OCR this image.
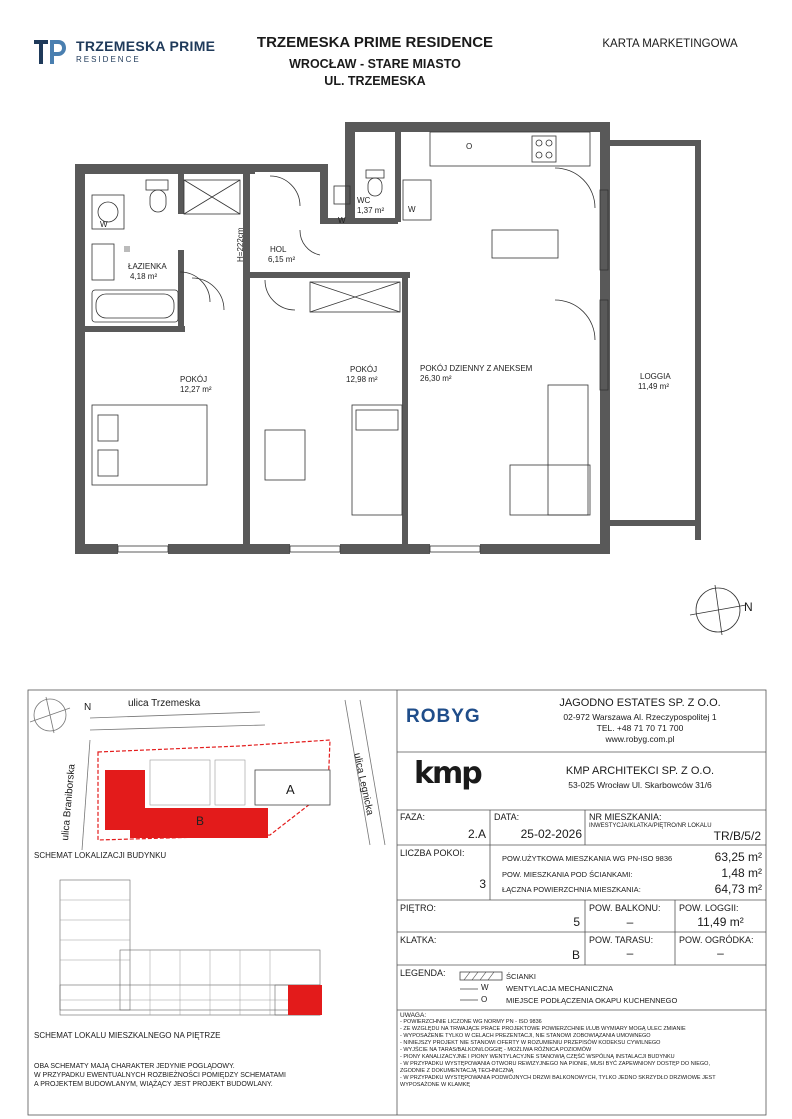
TRZEMESKA PRIME
RESIDENCE
TRZEMESKA PRIME RESIDENCE
WROCŁAW - STARE MIASTO
UL. TRZEMESKA
KARTA MARKETINGOWA
ŁAZIENKA
4,18 m²
HOL
6,15 m²
WC
1,37 m²
POKÓJ
12,27 m²
POKÓJ
12,98 m²
POKÓJ DZIENNY Z ANEKSEM
26,30 m²	LOGGIA
11,49 m²
H=222cm
W	W
W
O
N
ulica Trzemeska
ulica Braniborska	ulica Legnicka
B
A
N
SCHEMAT LOKALIZACJI BUDYNKU
SCHEMAT LOKALU MIESZKALNEGO NA PIĘTRZE
OBA SCHEMATY MAJĄ CHARAKTER JEDYNIE POGLĄDOWY.
W PRZYPADKU EWENTUALNYCH ROZBIEŻNOŚCI POMIĘDZY SCHEMATAMI
A PROJEKTEM BUDOWLANYM, WIĄŻĄCY JEST PROJEKT BUDOWLANY.
ROBYG
JAGODNO ESTATES SP. Z O.O.
02-972 Warszawa Al. Rzeczypospolitej 1
TEL. +48 71 70 71 700
www.robyg.com.pl
kmp	KMP ARCHITEKCI SP. Z O.O.
53-025 Wrocław Ul. Skarbowców 31/6
FAZA:
2.A
DATA:
25-02-2026
NR MIESZKANIA:
INWESTYCJA/KLATKA/PIĘTRO/NR LOKALU
TR/B/5/2
LICZBA POKOI:
3
POW.UŻYTKOWA MIESZKANIA WG PN-ISO 9836	63,25 m²
POW. MIESZKANIA POD ŚCIANKAMI:	1,48 m²
ŁĄCZNA POWIERZCHNIA MIESZKANIA:	64,73 m²
PIĘTRO:
5
POW. BALKONU:
–
POW. LOGGII:
11,49 m²
KLATKA:
B
POW. TARASU:
–
POW. OGRÓDKA:
–
LEGENDA:	ŚCIANKI
W WENTYLACJA MECHANICZNA
O	MIEJSCE PODŁĄCZENIA OKAPU KUCHENNEGO
UWAGA:
- POWIERZCHNIE LICZONE WG NORMY PN - ISO 9836
- ZE WZGLĘDU NA TRWAJĄCE PRACE PROJEKTOWE POWIERZCHNIE I/LUB WYMIARY MOGĄ ULEC ZMIANIE
- WYPOSAŻENIE TYLKO W CELACH PREZENTACJI, NIE STANOWI ZOBOWIĄZANIA UMOWNEGO
- NINIEJSZY PROJEKT NIE STANOWI OFERTY W ROZUMIENIU PRZEPISÓW KODEKSU CYWILNEGO
- WYJŚCIE NA TARAS/BALKON/LOGGIĘ - MOŻLIWA RÓŻNICA POZIOMÓW
- PIONY KANALIZACYJNE I PIONY WENTYLACYJNE STANOWIĄ CZĘŚĆ WSPÓLNĄ INSTALACJI BUDYNKU
- W PRZYPADKU WYSTĘPOWANIA OTWORU REWIZYJNEGO NA PIONIE, MUSI BYĆ ZAPEWNIONY DOSTĘP DO NIEGO,
ZGODNIE Z DOKUMENTACJĄ TECHNICZNĄ
- W PRZYPADKU WYSTĘPOWANIA PODWÓJNYCH DRZWI BALKONOWYCH, TYLKO JEDNO SKRZYDŁO DRZWIOWE JEST
WYPOSAŻONE W KLAMKĘ
